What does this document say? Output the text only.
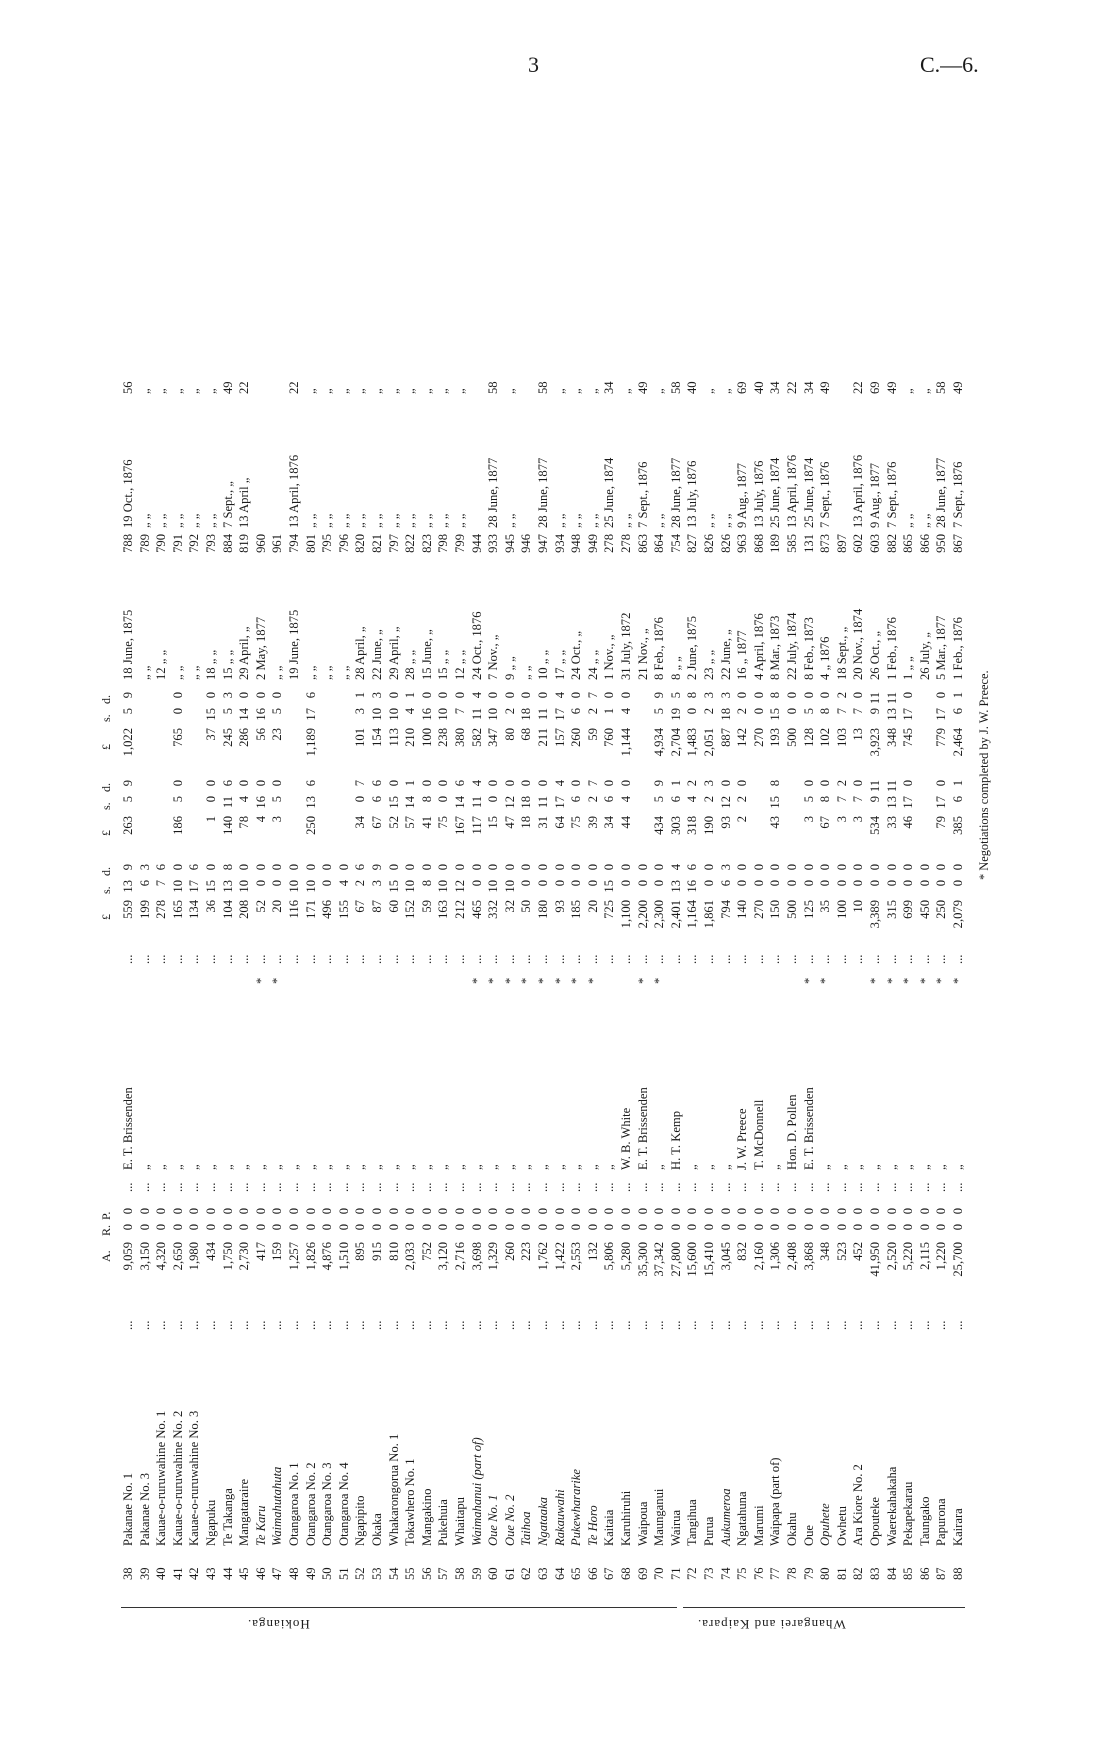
3	C.—6.
A.
R.
P.
£
s.
d.
£
s.
d.
£
s.
d.
38
Pakanae No. 1
9,059
0
0
E. T. Brissenden
559
13
9
263
5
9
1,022
5
9
18 June, 1875
788
19 Oct., 1876
56
...
...
...
39
Pakanae No. 3
3,150
0
0
„
199
6
3
„ „
789
„ „
„
...
...
...
40
Kauae-o-ruruwahine No. 1
4,320
0
0
„
278
7
6
12 „ „
790
„ „
„
...
...
...
41
Kauae-o-ruruwahine No. 2
2,650
0
0
„
165
10
0
186
5
0
765
0
0
„ „
791
„ „
„
...
...
...
42
Kauae-o-ruruwahine No. 3
1,980
0
0
„
134
17
6
„ „
792
„ „
„
...
...
...
43
Ngapuku
434
0
0
„
36
15
0
1
0
0
37
15
0
18 „ „
793
„ „
„
...
...
...
44
Te Takanga
1,750
0
0
„
104
13
8
140
11
6
245
5
3
15 „ „
884
7 Sept., „
49
...
...
...
45
Mangataraire
2,730
0
0
„
208
10
0
78
4
0
286
14
0
29 April, „
819
13 April „
22
...
...
...
46
Te Karu
417
0
0
„
*
52
0
0
4
16
0
56
16
0
2 May, 1877
960
...
...
...
47
Waimahutahuta
159
0
0
„
*
20
0
0
3
5
0
23
5
0
„ „
961
...
...
...
48
Otangaroa No. 1
1,257
0
0
„
116
10
0
19 June, 1875
794
13 April, 1876
22
...
...
...
49
Otangaroa No. 2
1,826
0
0
„
171
10
0
250
13
6
1,189
17
6
„ „
801
„ „
„
...
...
...
50
Otangaroa No. 3
4,876
0
0
„
496
0
0
„ „
795
„ „
„
...
...
...
51
Otangaroa No. 4
1,510
0
0
„
155
4
0
„ „
796
„ „
„
...
...
...
52
Ngapipito
895
0
0
„
67
2
6
34
0
7
101
3
1
28 April, „
820
„ „
„
...
...
...
53
Okaka
915
0
0
„
87
3
9
67
6
6
154
10
3
22 June, „
821
„ „
„
...
...
...
54
Whakarongorua No. 1
810
0
0
„
60
15
0
52
15
0
113
10
0
29 April, „
797
„ „
„
...
...
...
55
Tokawhero No. 1
2,033
0
0
„
152
10
0
57
14
1
210
4
1
28 „ „
822
„ „
„
...
...
...
56
Mangakino
752
0
0
„
59
8
0
41
8
0
100
16
0
15 June, „
823
„ „
„
...
...
...
57
Pukehuia
3,120
0
0
„
163
10
0
75
0
0
238
10
0
15 „ „
798
„ „
„
...
...
...
58
Whaitapu
2,716
0
0
„
212
12
0
167
14
6
380
7
0
12 „ „
799
„ „
„
...
...
...
59
Waimahanui (part of)
3,698
0
0
„
*
465
0
0
117
11
4
582
11
4
24 Oct., 1876
944
...
...
...
60
Oue No. 1
1,329
0
0
„
*
332
10
0
15
0
0
347
10
0
7 Nov., „
933
28 June, 1877
58
...
...
...
61
Oue No. 2
260
0
0
„
*
32
10
0
47
12
0
80
2
0
9 „ „
945
„ „
„
...
...
...
62
Taihoa
223
0
0
„
*
50
0
0
18
18
0
68
18
0
„ „
946
...
...
...
63
Ngataaka
1,762
0
0
„
*
180
0
0
31
11
0
211
11
0
10 „ „
947
28 June, 1877
58
...
...
...
64
Rakauwahi
1,422
0
0
„
*
93
0
0
64
17
4
157
17
4
17 „ „
934
„ „
„
...
...
...
65
Pukewhararike
2,553
0
0
„
*
185
0
0
75
6
0
260
6
0
24 Oct., „
948
„ „
„
...
...
...
66
Te Horo
132
0
0
„
*
20
0
0
39
2
7
59
2
7
24 „ „
949
„ „
„
...
...
...
67
Kaitaia
5,806
0
0
„
725
15
0
34
6
0
760
1
0
1 Nov., „
278
25 June, 1874
34
...
...
...
68
Karuhiruhi
5,280
0
0
W. B. White
1,100
0
0
44
4
0
1,144
4
0
31 July, 1872
278
„ „
„
...
...
...
69
Waipoua
35,300
0
0
E. T. Brissenden
*
2,200
0
0
21 Nov., „
863
7 Sept., 1876
49
...
...
...
70
Maunganui
37,342
0
0
„
*
2,300
0
0
434
5
9
4,934
5
9
8 Feb., 1876
864
„ „
„
...
...
...
71
Wairua
27,800
0
0
H. T. Kemp
2,401
13
4
303
6
1
2,704
19
5
8 „ „
754
28 June, 1877
58
...
...
...
72
Tangihua
15,600
0
0
„
1,164
16
6
318
4
2
1,483
0
8
2 June, 1875
827
13 July, 1876
40
...
...
...
73
Purua
15,410
0
0
„
1,861
0
0
190
2
3
2,051
2
3
23 „ „
826
„ „
„
...
...
...
74
Aukumeroa
3,045
0
0
„
794
6
3
93
12
0
887
18
3
22 June, „
826
„ „
„
...
...
...
75
Ngatahuna
832
0
0
J. W. Preece
140
0
0
2
2
0
142
2
0
16 „ 1877
963
9 Aug., 1877
69
...
...
...
76
Marumi
2,160
0
0
T. McDonnell
270
0
0
270
0
0
4 April, 1876
868
13 July, 1876
40
...
...
...
77
Waipapa (part of)
1,306
0
0
„
150
0
0
43
15
8
193
15
8
8 Mar., 1873
189
25 June, 1874
34
...
...
...
78
Okahu
2,408
0
0
Hon. D. Pollen
500
0
0
500
0
0
22 July, 1874
585
13 April, 1876
22
...
...
...
79
Oue
3,868
0
0
E. T. Brissenden
*
125
0
0
3
5
0
128
5
0
8 Feb., 1873
131
25 June, 1874
34
...
...
...
80
Opuhete
348
0
0
„
*
35
0
0
67
8
0
102
8
0
4 „ 1876
873
7 Sept., 1876
49
...
...
...
81
Owhetu
523
0
0
„
100
0
0
3
7
2
103
7
2
18 Sept., „
897
...
...
...
82
Ara Kiore No. 2
452
0
0
„
10
0
0
3
7
0
13
7
0
20 Nov., 1874
602
13 April, 1876
22
...
...
...
83
Opouteke
41,950
0
0
„
*
3,389
0
0
534
9
11
3,923
9
11
26 Oct., „
603
9 Aug., 1877
69
...
...
...
84
Waerekahakaha
2,520
0
0
„
*
315
0
0
33
13
11
348
13
11
1 Feb., 1876
882
7 Sept., 1876
49
...
...
...
85
Pekapekarau
5,220
0
0
„
*
699
0
0
46
17
0
745
17
0
1 „ „
865
„ „
„
...
...
...
86
Taungako
2,115
0
0
„
*
450
0
0
26 July, „
866
„ „
„
...
...
...
87
Papurona
1,220
0
0
„
*
250
0
0
79
17
0
779
17
0
5 Mar., 1877
950
28 June, 1877
58
...
...
...
88
Kairara
25,700
0
0
„
*
2,079
0
0
385
6
1
2,464
6
1
1 Feb., 1876
867
7 Sept., 1876
49
...
...
...
Hokianga.	Whangarei and Kaipara.
* Negotiations completed by J. W. Preece.
